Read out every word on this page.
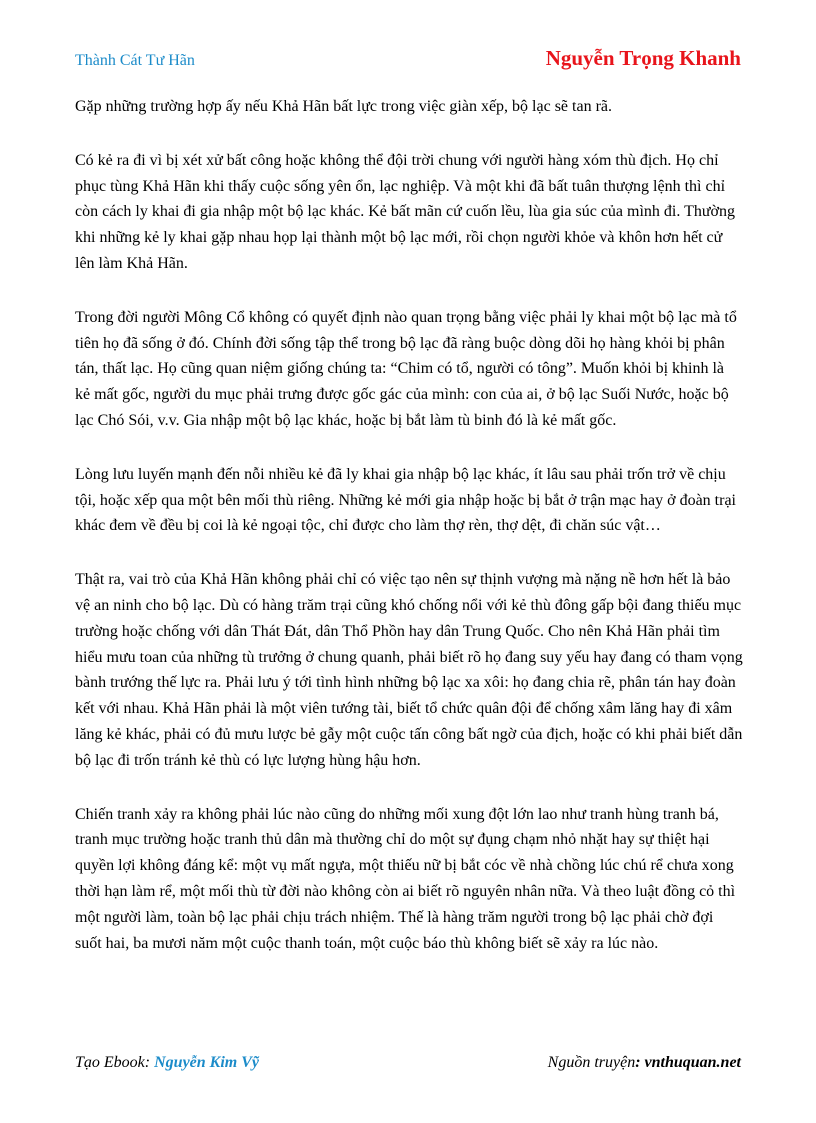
Thành Cát Tư Hãn	Nguyễn Trọng Khanh

Gặp những trường hợp ấy nếu Khả Hãn bất lực trong việc giàn xếp, bộ lạc sẽ tan rã.

Có kẻ ra đi vì bị xét xử bất công hoặc không thể đội trời chung với người hàng xóm thù địch. Họ chỉ phục tùng Khả Hãn khi thấy cuộc sống yên ổn, lạc nghiệp. Và một khi đã bất tuân thượng lệnh thì chỉ còn cách ly khai đi gia nhập một bộ lạc khác. Kẻ bất mãn cứ cuốn lều, lùa gia súc của mình đi. Thường khi những kẻ ly khai gặp nhau họp lại thành một bộ lạc mới, rồi chọn người khỏe và khôn hơn hết cử lên làm Khả Hãn.

Trong đời người Mông Cổ không có quyết định nào quan trọng bằng việc phải ly khai một bộ lạc mà tổ tiên họ đã sống ở đó. Chính đời sống tập thể trong bộ lạc đã ràng buộc dòng dõi họ hàng khỏi bị phân tán, thất lạc. Họ cũng quan niệm giống chúng ta: “Chim có tổ, người có tông”. Muốn khỏi bị khinh là kẻ mất gốc, người du mục phải trưng được gốc gác của mình: con của ai, ở bộ lạc Suối Nước, hoặc bộ lạc Chó Sói, v.v. Gia nhập một bộ lạc khác, hoặc bị bắt làm tù binh đó là kẻ mất gốc.

Lòng lưu luyến mạnh đến nỗi nhiều kẻ đã ly khai gia nhập bộ lạc khác, ít lâu sau phải trốn trở về chịu tội, hoặc xếp qua một bên mối thù riêng. Những kẻ mới gia nhập hoặc bị bắt ở trận mạc hay ở đoàn trại khác đem về đều bị coi là kẻ ngoại tộc, chỉ được cho làm thợ rèn, thợ dệt, đi chăn súc vật…

Thật ra, vai trò của Khả Hãn không phải chỉ có việc tạo nên sự thịnh vượng mà nặng nề hơn hết là bảo vệ an ninh cho bộ lạc. Dù có hàng trăm trại cũng khó chống nổi với kẻ thù đông gấp bội đang thiếu mục trường hoặc chống với dân Thát Đát, dân Thổ Phồn hay dân Trung Quốc. Cho nên Khả Hãn phải tìm hiểu mưu toan của những tù trưởng ở chung quanh, phải biết rõ họ đang suy yếu hay đang có tham vọng bành trướng thế lực ra. Phải lưu ý tới tình hình những bộ lạc xa xôi: họ đang chia rẽ, phân tán hay đoàn kết với nhau. Khả Hãn phải là một viên tướng tài, biết tổ chức quân đội để chống xâm lăng hay đi xâm lăng kẻ khác, phải có đủ mưu lược bẻ gẫy một cuộc tấn công bất ngờ của địch, hoặc có khi phải biết dẫn bộ lạc đi trốn tránh kẻ thù có lực lượng hùng hậu hơn.

Chiến tranh xảy ra không phải lúc nào cũng do những mối xung đột lớn lao như tranh hùng tranh bá, tranh mục trường hoặc tranh thủ dân mà thường chỉ do một sự đụng chạm nhỏ nhặt hay sự thiệt hại quyền lợi không đáng kể: một vụ mất ngựa, một thiếu nữ bị bắt cóc về nhà chồng lúc chú rể chưa xong thời hạn làm rể, một mối thù từ đời nào không còn ai biết rõ nguyên nhân nữa. Và theo luật đồng cỏ thì một người làm, toàn bộ lạc phải chịu trách nhiệm. Thế là hàng trăm người trong bộ lạc phải chờ đợi suốt hai, ba mươi năm một cuộc thanh toán, một cuộc báo thù không biết sẽ xảy ra lúc nào.

Tạo Ebook: Nguyễn Kim Vỹ	Nguồn truyện: vnthuquan.net
